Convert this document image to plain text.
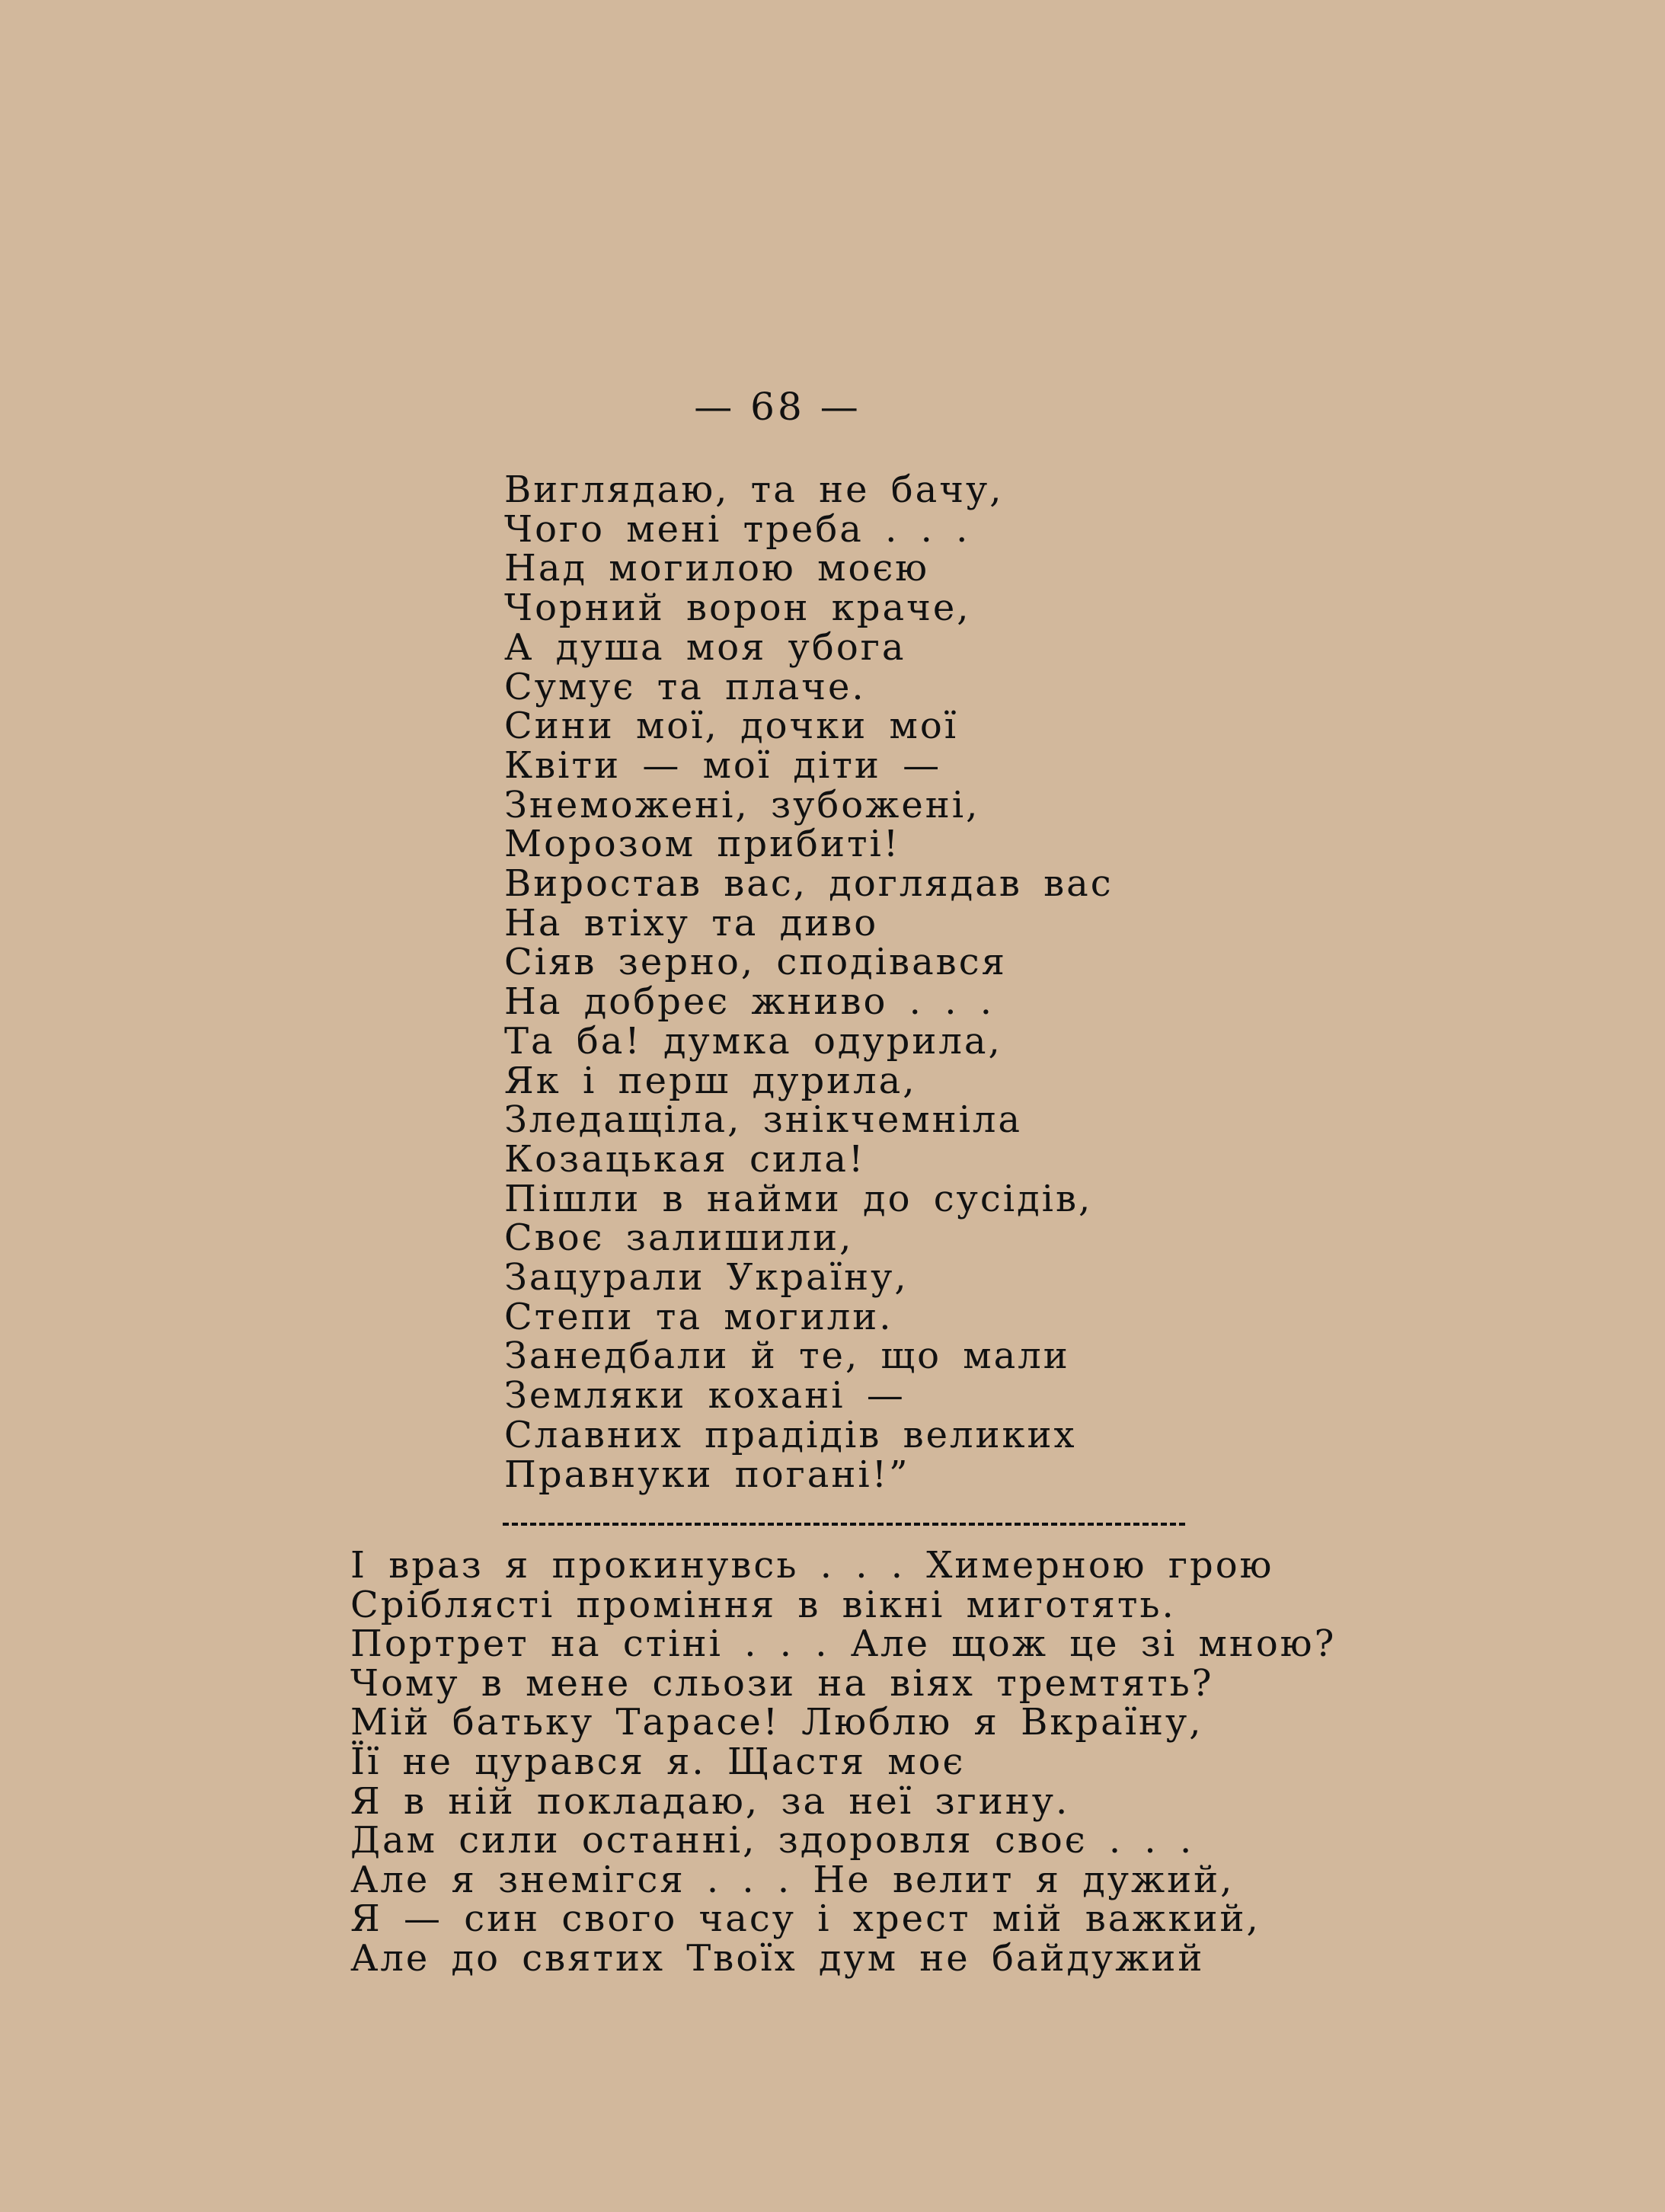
— 68 —
Виглядаю, та не бачу,
Чого мені треба . . .
Над могилою моєю
Чорний ворон краче,
А душа моя убога
Сумує та плаче.
Сини мої, дочки мої
Квіти — мої діти —
Знеможені, зубожені,
Морозом прибиті!
Виростав вас, доглядав вас
На втіху та диво
Сіяв зерно, сподівався
На добреє жниво . . .
Та ба! думка одурила,
Як і перш дурила,
Зледащіла, знікчемніла
Козацькая сила!
Пішли в найми до сусідів,
Своє залишили,
Зацурали Україну,
Степи та могили.
Занедбали й те, що мали
Земляки кохані —
Славних прадідів великих
Правнуки погані!”
І враз я прокинувсь . . . Химерною грою
Сріблясті проміння в вікні миготять.
Портрет на стіні . . . Але щож це зі мною?
Чому в мене сльози на віях тремтять?
Мій батьку Тарасе! Люблю я Вкраїну,
Її не цурався я. Щастя моє
Я в ній покладаю, за неї згину.
Дам сили останні, здоровля своє . . .
Але я знемігся . . . Не велит я дужий,
Я — син свого часу і хрест мій важкий,
Але до святих Твоїх дум не байдужий
